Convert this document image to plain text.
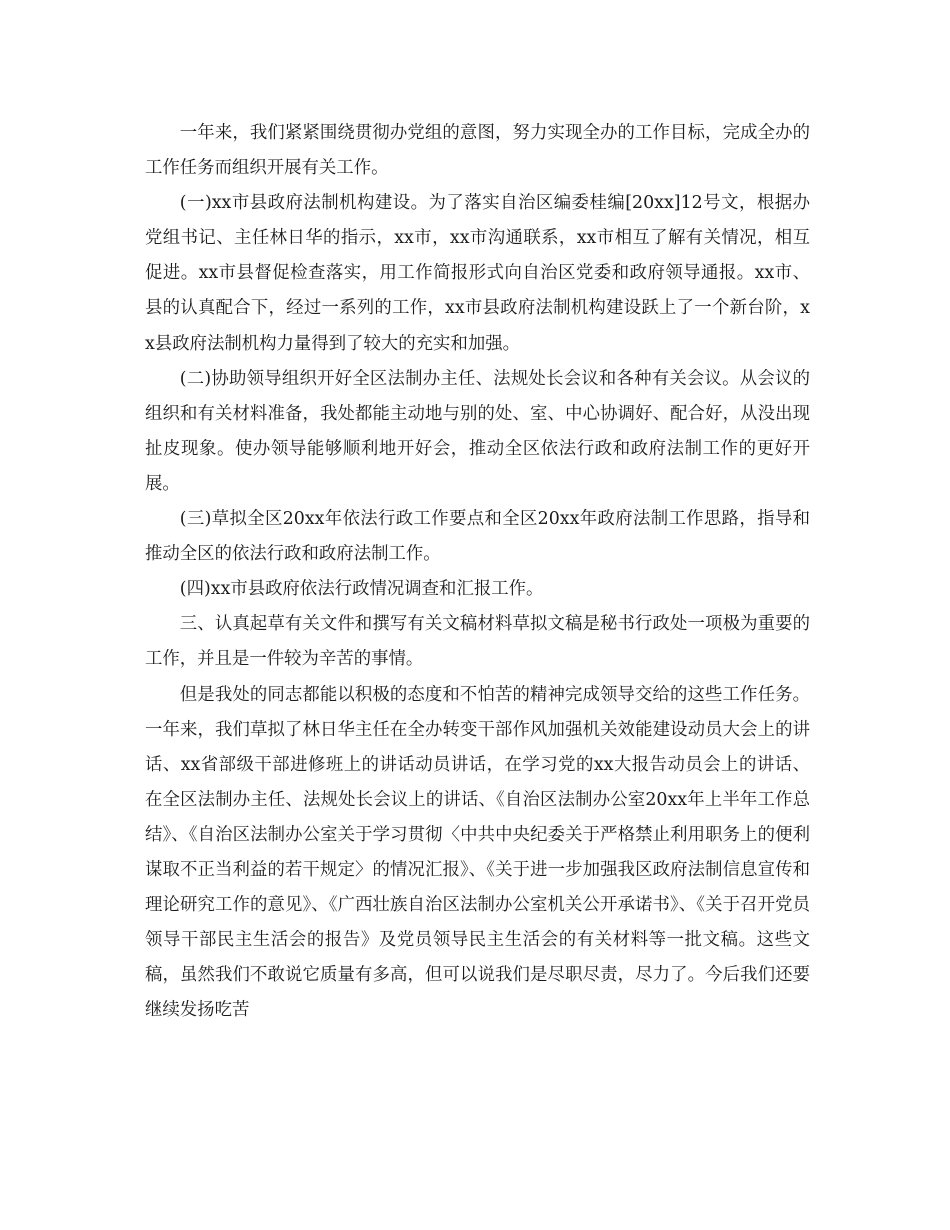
一年来，我们紧紧围绕贯彻办党组的意图，努力实现全办的工作目标，完成全办的工作任务而组织开展有关工作。

(一)xx市县政府法制机构建设。为了落实自治区编委桂编[20xx]12号文，根据办党组书记、主任林日华的指示，xx市，xx市沟通联系，xx市相互了解有关情况，相互促进。xx市县督促检查落实，用工作简报形式向自治区党委和政府领导通报。xx市、县的认真配合下，经过一系列的工作，xx市县政府法制机构建设跃上了一个新台阶，xx县政府法制机构力量得到了较大的充实和加强。

(二)协助领导组织开好全区法制办主任、法规处长会议和各种有关会议。从会议的组织和有关材料准备，我处都能主动地与别的处、室、中心协调好、配合好，从没出现扯皮现象。使办领导能够顺利地开好会，推动全区依法行政和政府法制工作的更好开展。

(三)草拟全区20xx年依法行政工作要点和全区20xx年政府法制工作思路，指导和推动全区的依法行政和政府法制工作。

(四)xx市县政府依法行政情况调查和汇报工作。

三、认真起草有关文件和撰写有关文稿材料草拟文稿是秘书行政处一项极为重要的工作，并且是一件较为辛苦的事情。

但是我处的同志都能以积极的态度和不怕苦的精神完成领导交给的这些工作任务。一年来，我们草拟了林日华主任在全办转变干部作风加强机关效能建设动员大会上的讲话、xx省部级干部进修班上的讲话动员讲话，在学习党的xx大报告动员会上的讲话、在全区法制办主任、法规处长会议上的讲话、《自治区法制办公室20xx年上半年工作总结》、《自治区法制办公室关于学习贯彻〈中共中央纪委关于严格禁止利用职务上的便利谋取不正当利益的若干规定〉的情况汇报》、《关于进一步加强我区政府法制信息宣传和理论研究工作的意见》、《广西壮族自治区法制办公室机关公开承诺书》、《关于召开党员领导干部民主生活会的报告》及党员领导民主生活会的有关材料等一批文稿。这些文稿，虽然我们不敢说它质量有多高，但可以说我们是尽职尽责，尽力了。今后我们还要继续发扬吃苦
